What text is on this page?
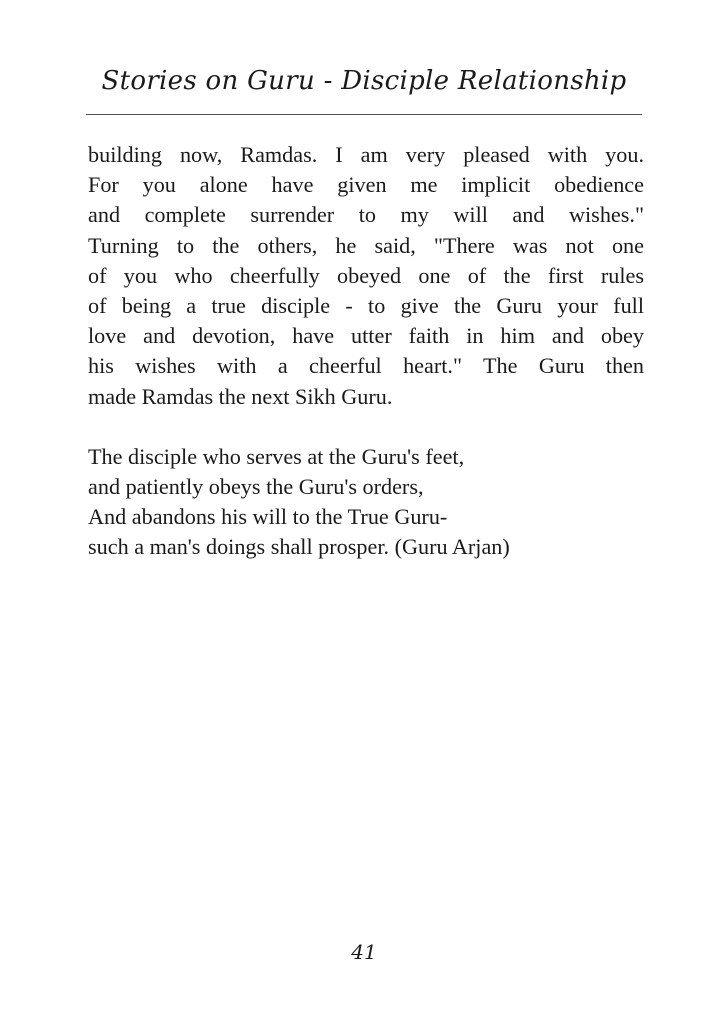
Stories on Guru - Disciple Relationship

building now, Ramdas. I am very pleased with you.
For you alone have given me implicit obedience
and complete surrender to my will and wishes."
Turning to the others, he said, "There was not one
of you who cheerfully obeyed one of the first rules
of being a true disciple - to give the Guru your full
love and devotion, have utter faith in him and obey
his wishes with a cheerful heart." The Guru then
made Ramdas the next Sikh Guru.

The disciple who serves at the Guru's feet,
and patiently obeys the Guru's orders,
And abandons his will to the True Guru-
such a man's doings shall prosper. (Guru Arjan)
41
